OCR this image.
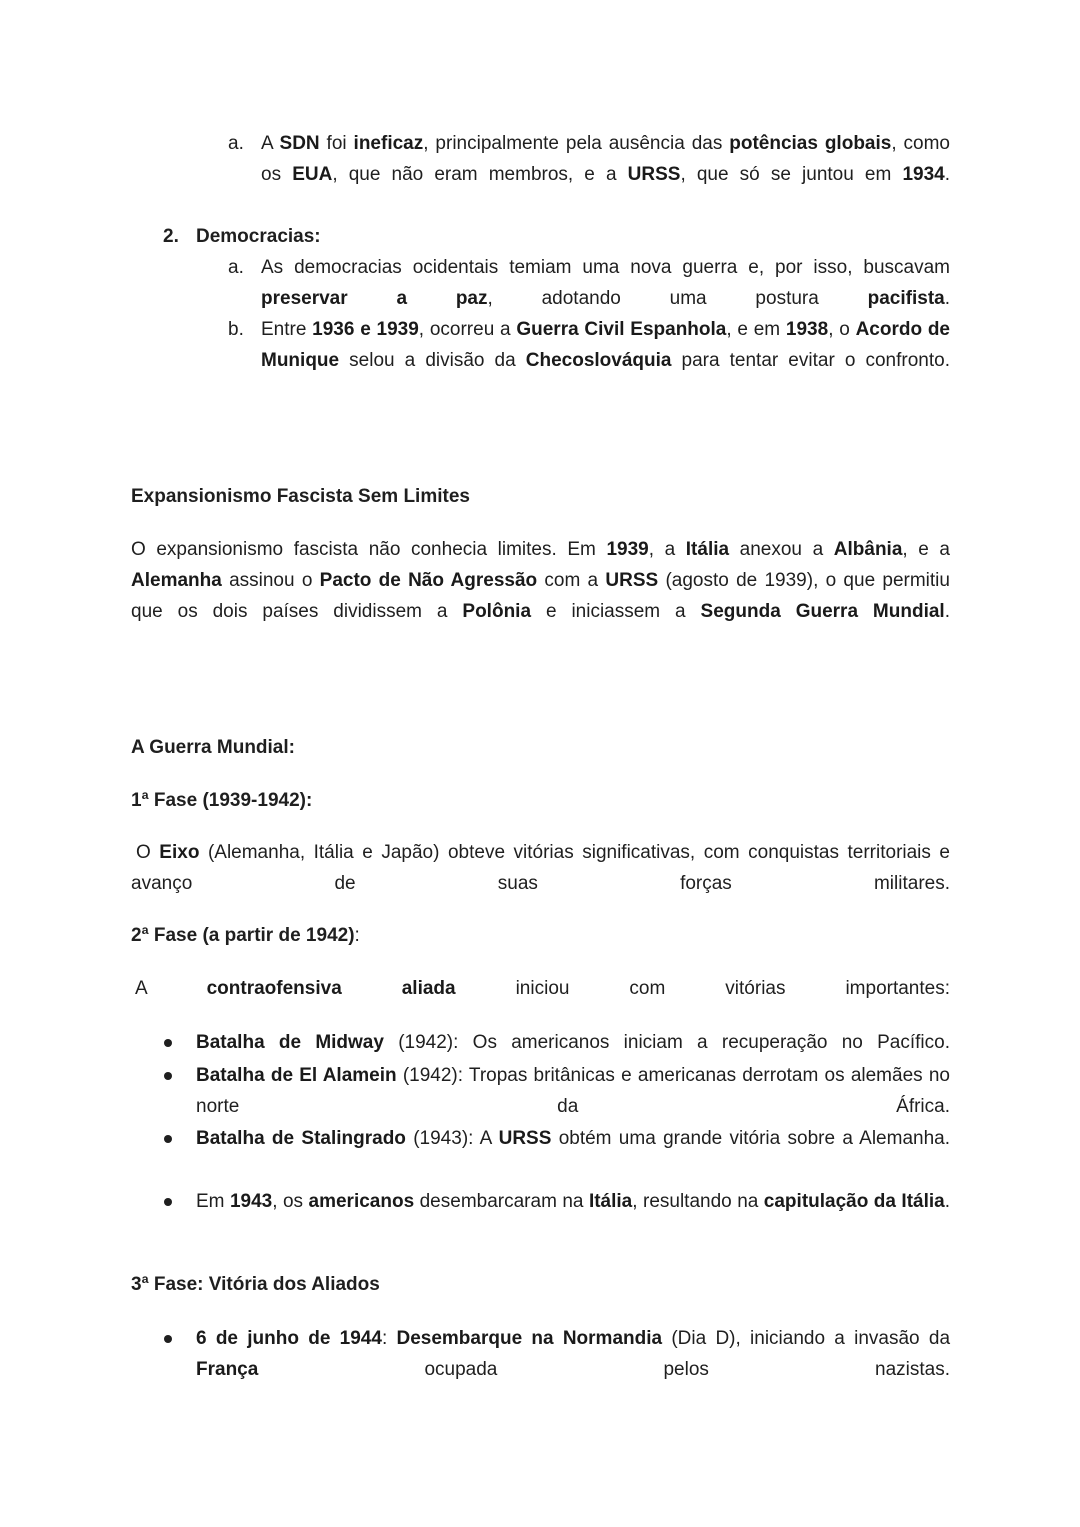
a. A SDN foi ineficaz, principalmente pela ausência das potências globais, como os EUA, que não eram membros, e a URSS, que só se juntou em 1934.

2. Democracias:
a. As democracias ocidentais temiam uma nova guerra e, por isso, buscavam preservar a paz, adotando uma postura pacifista.

b. Entre 1936 e 1939, ocorreu a Guerra Civil Espanhola, e em 1938, o Acordo de Munique selou a divisão da Checoslováquia para tentar evitar o confronto.

Expansionismo Fascista Sem Limites

O expansionismo fascista não conhecia limites. Em 1939, a Itália anexou a Albânia, e a Alemanha assinou o Pacto de Não Agressão com a URSS (agosto de 1939), o que permitiu que os dois países dividissem a Polônia e iniciassem a Segunda Guerra Mundial.

A Guerra Mundial:
1ª Fase (1939-1942):

O Eixo (Alemanha, Itália e Japão) obteve vitórias significativas, com conquistas territoriais e avanço de suas forças militares.

2ª Fase (a partir de 1942):

A contraofensiva aliada iniciou com vitórias importantes:

Batalha de Midway (1942): Os americanos iniciam a recuperação no Pacífico.

Batalha de El Alamein (1942): Tropas britânicas e americanas derrotam os alemães no norte da África.

Batalha de Stalingrado (1943): A URSS obtém uma grande vitória sobre a Alemanha.

Em 1943, os americanos desembarcaram na Itália, resultando na capitulação da Itália.

3ª Fase: Vitória dos Aliados

6 de junho de 1944: Desembarque na Normandia (Dia D), iniciando a invasão da França ocupada pelos nazistas.
